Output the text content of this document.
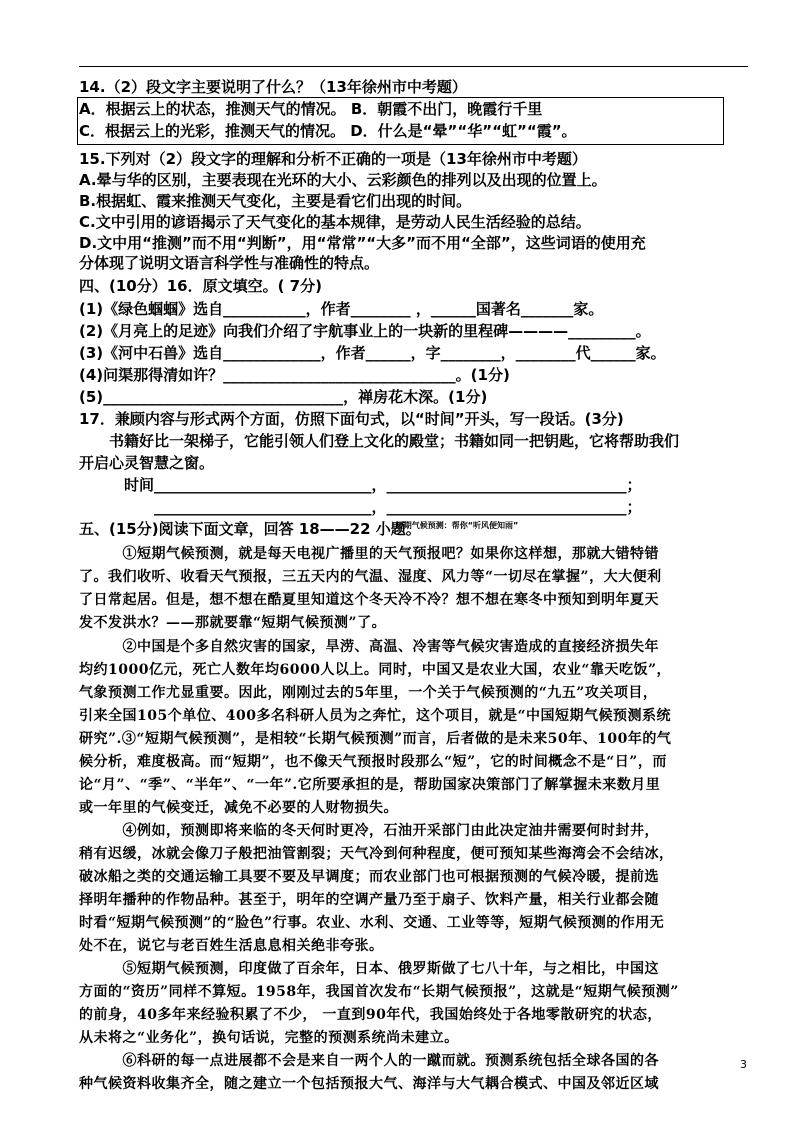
14.（2）段文字主要说明了什么？（13年徐州市中考题）
A．根据云上的状态，推测天气的情况。 B．朝霞不出门，晚霞行千里
C．根据云上的光彩，推测天气的情况。 D．什么是“晕”“华”“虹”“霞”。
15.下列对（2）段文字的理解和分析不正确的一项是（13年徐州市中考题）
A.晕与华的区别，主要表现在光环的大小、云彩颜色的排列以及出现的位置上。
B.根据虹、霞来推测天气变化，主要是看它们出现的时间。
C.文中引用的谚语揭示了天气变化的基本规律，是劳动人民生活经验的总结。
D.文中用“推测”而不用“判断”，用“常常”“大多”而不用“全部”，这些词语的使用充
分体现了说明文语言科学性与准确性的特点。
四、(10分）16．原文填空。( 7分)
(1)《绿色蝈蝈》选自___________，作者________ ，______国著名_______家。
(2)《月亮上的足迹》向我们介绍了宇航事业上的一块新的里程碑————_________。
(3)《河中石兽》选自_____________，作者______，字________，________代______家。
(4)问渠那得清如许？_______________________________。(1分)
(5)________________________________，禅房花木深。(1分)
17．兼顾内容与形式两个方面，仿照下面句式，以“时间”开头，写一段话。(3分)
　　书籍好比一架梯子，它能引领人们登上文化的殿堂；书籍如同一把钥匙，它将帮助我们
开启心灵智慧之窗。
　　　时间_____________________________，________________________________；
　　　　　_____________________________，________________________________；
五、(15分)阅读下面文章，回答 18——22 小题。
短期气候预测：帮你“听风便知雨”
　　　①短期气候预测，就是每天电视广播里的天气预报吧？如果你这样想，那就大错特错
了。我们收听、收看天气预报，三五天内的气温、湿度、风力等“一切尽在掌握”，大大便利
了日常起居。但是，想不想在酷夏里知道这个冬天冷不冷？想不想在寒冬中预知到明年夏天
发不发洪水？——那就要靠“短期气候预测”了。
　　　②中国是个多自然灾害的国家，旱涝、高温、冷害等气候灾害造成的直接经济损失年
均约1000亿元，死亡人数年均6000人以上。同时，中国又是农业大国，农业“靠天吃饭”，
气象预测工作尤显重要。因此，刚刚过去的5年里，一个关于气候预测的“九五”攻关项目，
引来全国105个单位、400多名科研人员为之奔忙，这个项目，就是“中国短期气候预测系统
研究”.③“短期气候预测”，是相较“长期气候预测”而言，后者做的是未来50年、100年的气
候分析，难度极高。而“短期”，也不像天气预报时段那么“短”，它的时间概念不是“日”，而
论“月”、“季”、“半年”、“一年”.它所要承担的是，帮助国家决策部门了解掌握未来数月里
或一年里的气候变迁，减免不必要的人财物损失。
　　　④例如，预测即将来临的冬天何时更冷，石油开采部门由此决定油井需要何时封井，
稍有迟缓，冰就会像刀子般把油管割裂；天气冷到何种程度，便可预知某些海湾会不会结冰，
破冰船之类的交通运输工具要不要及早调度；而农业部门也可根据预测的气候冷暖，提前选
择明年播种的作物品种。甚至于，明年的空调产量乃至于扇子、饮料产量，相关行业都会随
时看“短期气候预测”的“脸色”行事。农业、水利、交通、工业等等，短期气候预测的作用无
处不在，说它与老百姓生活息息相关绝非夸张。
　　　⑤短期气候预测，印度做了百余年，日本、俄罗斯做了七八十年，与之相比，中国这
方面的“资历”同样不算短。1958年，我国首次发布“长期气候预报”，这就是“短期气候预测”
的前身，40多年来经验积累了不少， 一直到90年代，我国始终处于各地零散研究的状态，
从未将之“业务化”，换句话说，完整的预测系统尚未建立。
　　　⑥科研的每一点进展都不会是来自一两个人的一蹴而就。预测系统包括全球各国的各
种气候资料收集齐全，随之建立一个包括预报大气、海洋与大气耦合模式、中国及邻近区域
3
